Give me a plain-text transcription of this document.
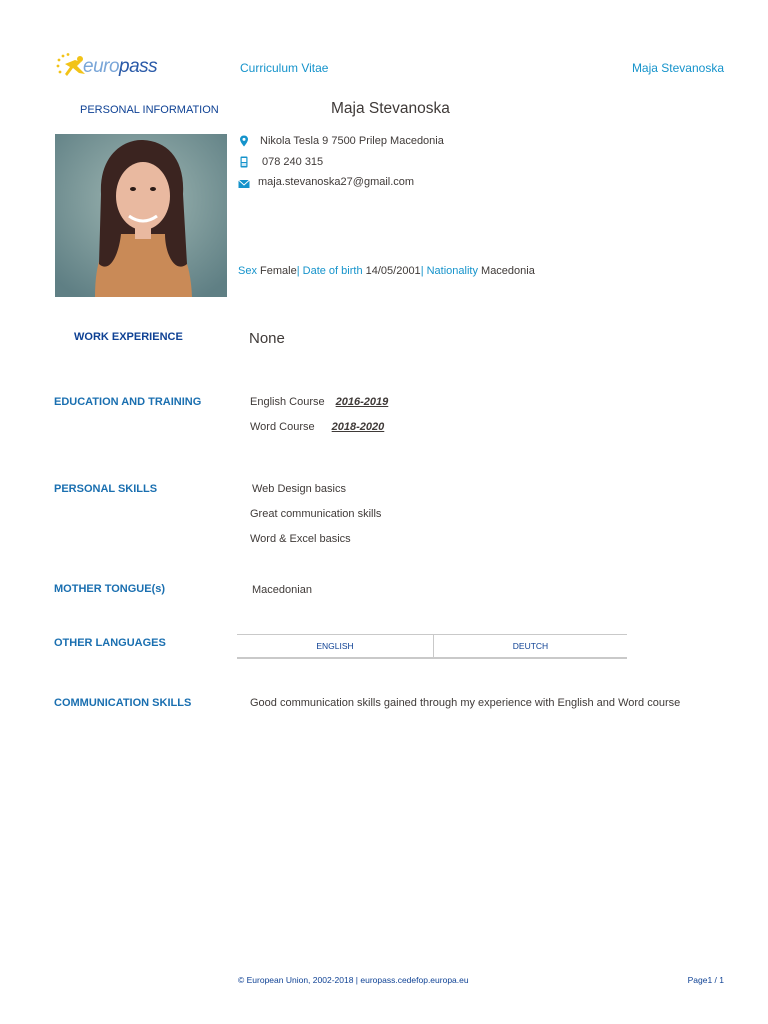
europass	Curriculum Vitae	Maja Stevanoska
PERSONAL INFORMATION	Maja Stevanoska
Nikola Tesla 9 7500 Prilep Macedonia
078 240 315
maja.stevanoska27@gmail.com
Sex Female| Date of birth 14/05/2001| Nationality Macedonia
WORK EXPERIENCE	None
EDUCATION AND TRAINING	English Course 2016-2019
Word Course 2018-2020
PERSONAL SKILLS	Web Design basics
Great communication skills
Word & Excel basics
MOTHER TONGUE(s)	Macedonian
OTHER LANGUAGES	ENGLISH	DEUTCH
COMMUNICATION SKILLS	Good communication skills gained through my experience with English and Word course
© European Union, 2002-2018 | europass.cedefop.europa.eu	Page1 / 1
